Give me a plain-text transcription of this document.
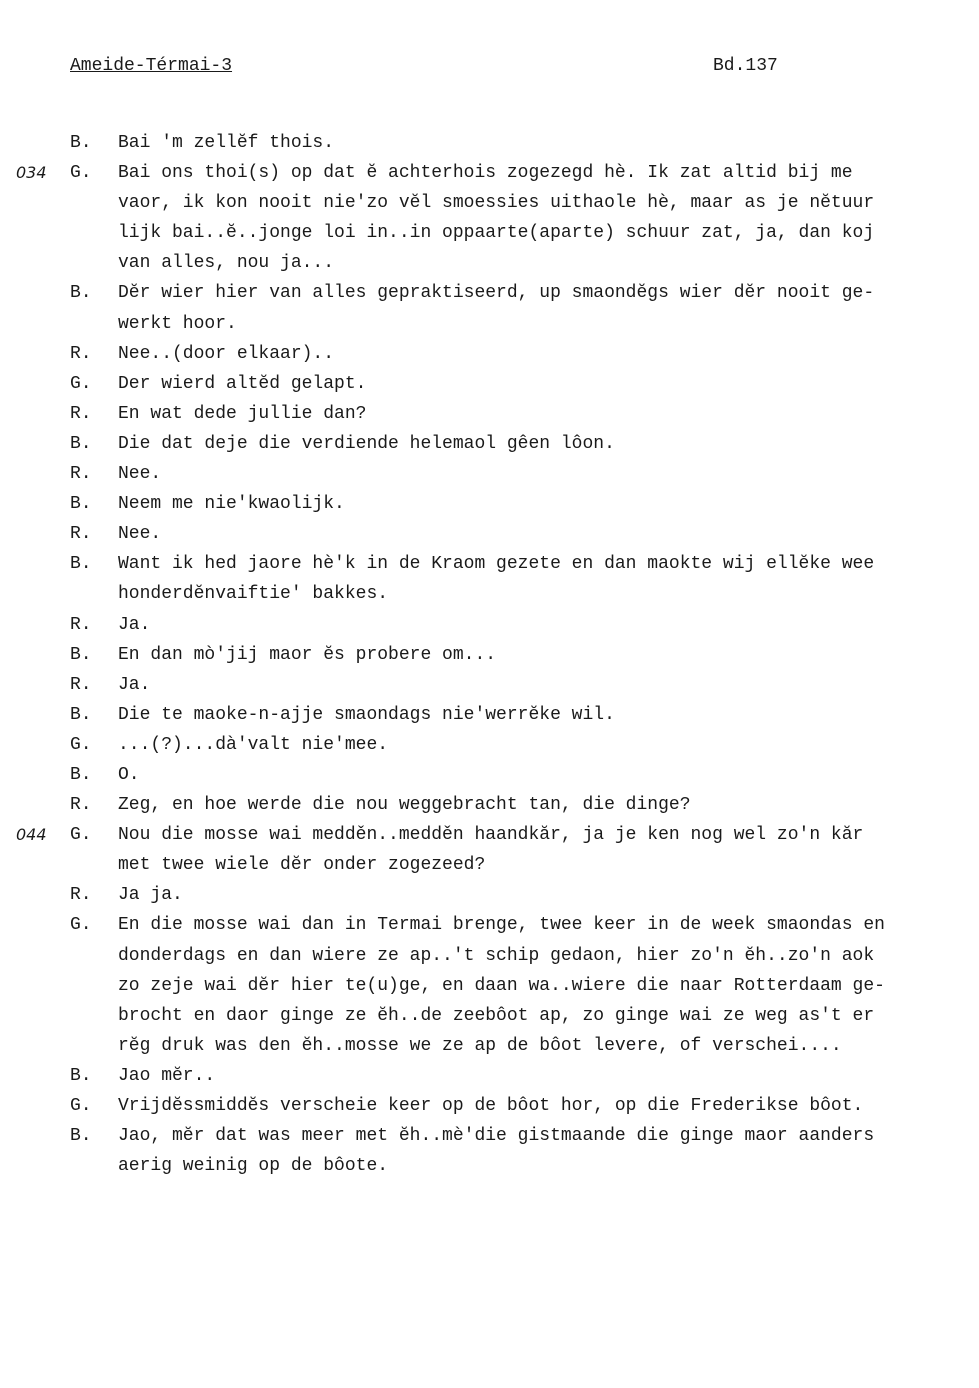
Ameide-Térmai-3	Bd.137
B. Bai 'm zellĕf thois.
034 G. Bai ons thoi(s) op dat ĕ achterhois zogezegd hè. Ik zat altid bij me
vaor, ik kon nooit nie'zo vĕl smoessies uithaole hè, maar as je nĕtuur
lijk bai..ĕ..jonge loi in..in oppaarte(aparte) schuur zat, ja, dan koj
van alles, nou ja...
B. Dĕr wier hier van alles gepraktiseerd, up smaondĕgs wier dĕr nooit ge-
werkt hoor.
R. Nee..(door elkaar)..
G. Der wierd altĕd gelapt.
R. En wat dede jullie dan?
B. Die dat deje die verdiende helemaol gêen lôon.
R. Nee.
B. Neem me nie'kwaolijk.
R. Nee.
B. Want ik hed jaore hè'k in de Kraom gezete en dan maokte wij ellĕke wee
honderdĕnvaiftie' bakkes.
R. Ja.
B. En dan mò'jij maor ĕs probere om...
R. Ja.
B. Die te maoke-n-ajje smaondags nie'werrĕke wil.
G. ...(?)...dà'valt nie'mee.
B. O.
R. Zeg, en hoe werde die nou weggebracht tan, die dinge?
044 G. Nou die mosse wai medděn..medděn haandkăr, ja je ken nog wel zo'n kăr
met twee wiele dĕr onder zogezeed?
R. Ja ja.
G. En die mosse wai dan in Termai brenge, twee keer in de week smaondas en
donderdags en dan wiere ze ap..'t schip gedaon, hier zo'n ĕh..zo'n aok
zo zeje wai dĕr hier te(u)ge, en daan wa..wiere die naar Rotterdaam ge-
brocht en daor ginge ze ĕh..de zeebôot ap, zo ginge wai ze weg as't er
rĕg druk was den ĕh..mosse we ze ap de bôot levere, of verschei....
B. Jao mĕr..
G. Vrijdĕssmiddĕs verscheie keer op de bôot hor, op die Frederikse bôot.
B. Jao, mĕr dat was meer met ĕh..mè'die gistmaande die ginge maor aanders
aerig weinig op de bôote.
